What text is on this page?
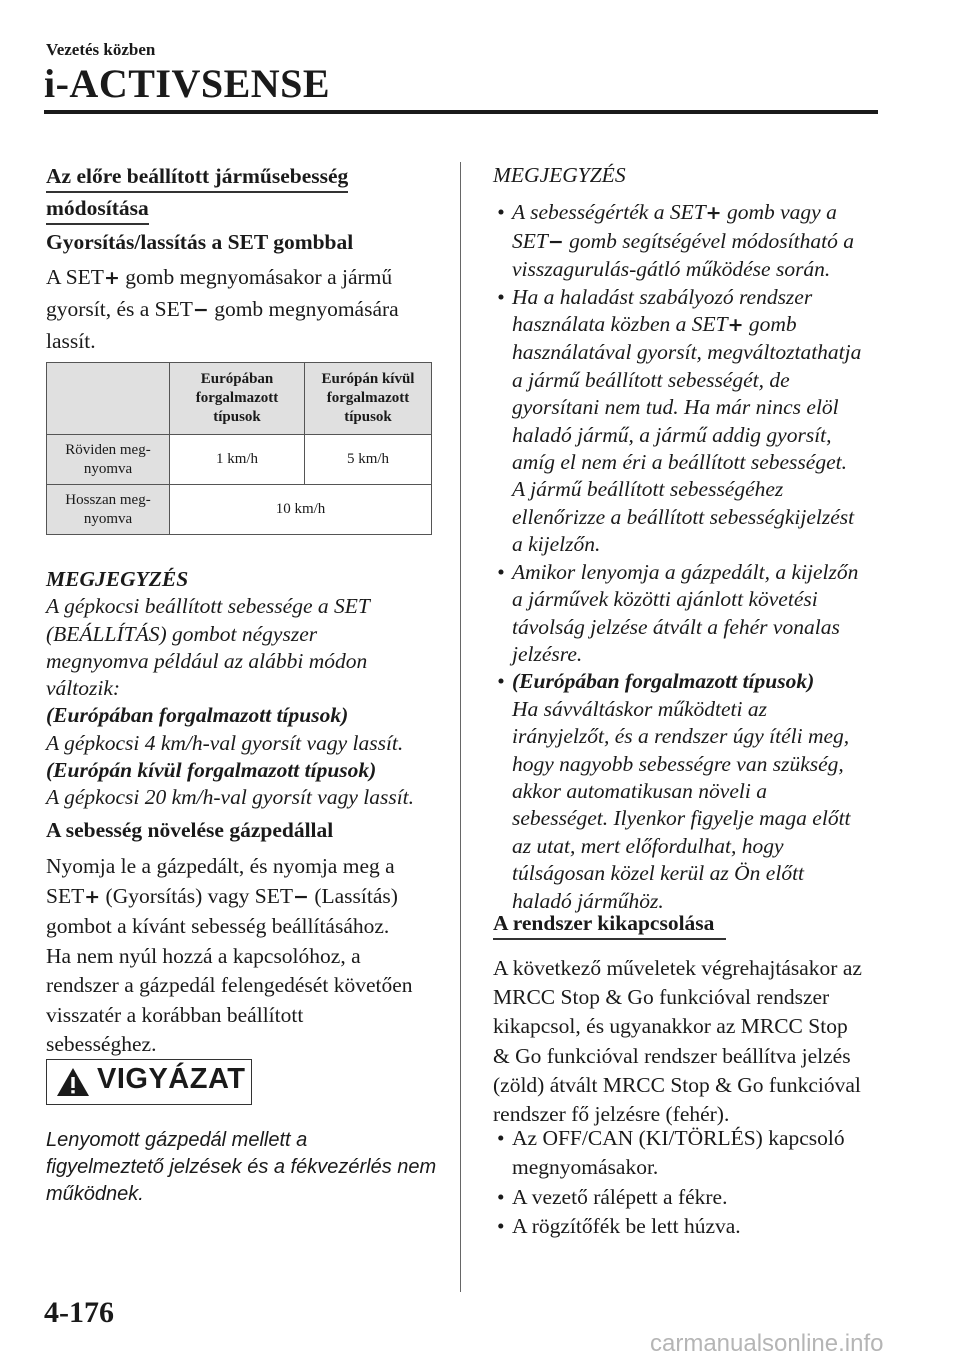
Vezetés közben
i-ACTIVSENSE
Az előre beállított járműsebesség
módosítása
Gyorsítás/lassítás a SET gombbal
A SET+ gomb megnyomásakor a jármű
gyorsít, és a SET− gomb megnyomására
lassít.
	Európában forgalmazott típusok	Európán kívül forgalmazott típusok
Röviden meg-nyomva	1 km/h	5 km/h
Hosszan meg-nyomva	10 km/h	
MEGJEGYZÉS
A gépkocsi beállított sebessége a SET
(BEÁLLÍTÁS) gombot négyszer
megnyomva például az alábbi módon
változik:
(Európában forgalmazott típusok)
A gépkocsi 4 km/h-val gyorsít vagy lassít.
(Európán kívül forgalmazott típusok)
A gépkocsi 20 km/h-val gyorsít vagy lassít.
A sebesség növelése gázpedállal
Nyomja le a gázpedált, és nyomja meg a
SET+ (Gyorsítás) vagy SET− (Lassítás)
gombot a kívánt sebesség beállításához.
Ha nem nyúl hozzá a kapcsolóhoz, a
rendszer a gázpedál felengedését követően
visszatér a korábban beállított
sebességhez.
VIGYÁZAT
Lenyomott gázpedál mellett a
figyelmeztető jelzések és a fékvezérlés nem
működnek.
MEGJEGYZÉS
• A sebességérték a SET+ gomb vagy a
SET− gomb segítségével módosítható a
visszagurulás-gátló működése során.
• Ha a haladást szabályozó rendszer
használata közben a SET+ gomb
használatával gyorsít, megváltoztathatja
a jármű beállított sebességét, de
gyorsítani nem tud. Ha már nincs elöl
haladó jármű, a jármű addig gyorsít,
amíg el nem éri a beállított sebességet.
A jármű beállított sebességéhez
ellenőrizze a beállított sebességkijelzést
a kijelzőn.
• Amikor lenyomja a gázpedált, a kijelzőn
a járművek közötti ajánlott követési
távolság jelzése átvált a fehér vonalas
jelzésre.
• (Európában forgalmazott típusok)
Ha sávváltáskor működteti az
irányjelzőt, és a rendszer úgy ítéli meg,
hogy nagyobb sebességre van szükség,
akkor automatikusan növeli a
sebességet. Ilyenkor figyelje maga előtt
az utat, mert előfordulhat, hogy
túlságosan közel kerül az Ön előtt
haladó járműhöz.
A rendszer kikapcsolása
A következő műveletek végrehajtásakor az
MRCC Stop & Go funkcióval rendszer
kikapcsol, és ugyanakkor az MRCC Stop
& Go funkcióval rendszer beállítva jelzés
(zöld) átvált MRCC Stop & Go funkcióval
rendszer fő jelzésre (fehér).
• Az OFF/CAN (KI/TÖRLÉS) kapcsoló
megnyomásakor.
• A vezető rálépett a fékre.
• A rögzítőfék be lett húzva.
4-176
carmanualsonline.info
